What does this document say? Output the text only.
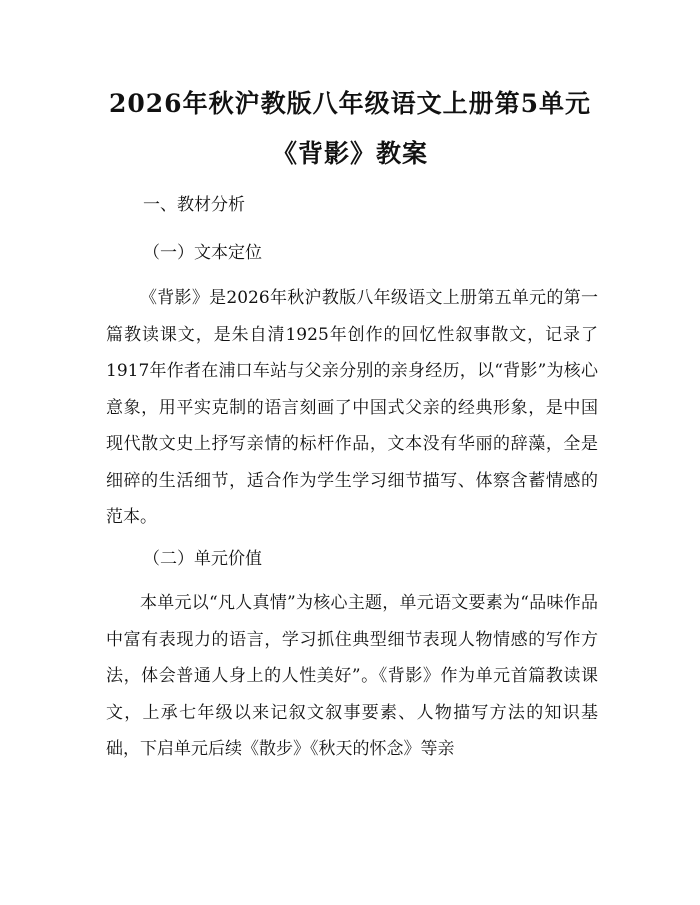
2026年秋沪教版八年级语文上册第5单元
《背影》教案
一、教材分析
（一）文本定位

《背影》是2026年秋沪教版八年级语文上册第五单元的第一篇教读课文，是朱自清1925年创作的回忆性叙事散文，记录了1917年作者在浦口车站与父亲分别的亲身经历，以“背影”为核心意象，用平实克制的语言刻画了中国式父亲的经典形象，是中国现代散文史上抒写亲情的标杆作品，文本没有华丽的辞藻，全是细碎的生活细节，适合作为学生学习细节描写、体察含蓄情感的范本。

（二）单元价值

本单元以“凡人真情”为核心主题，单元语文要素为“品味作品中富有表现力的语言，学习抓住典型细节表现人物情感的写作方法，体会普通人身上的人性美好”。《背影》作为单元首篇教读课文，上承七年级以来记叙文叙事要素、人物描写方法的知识基础，下启单元后续《散步》《秋天的怀念》等亲
